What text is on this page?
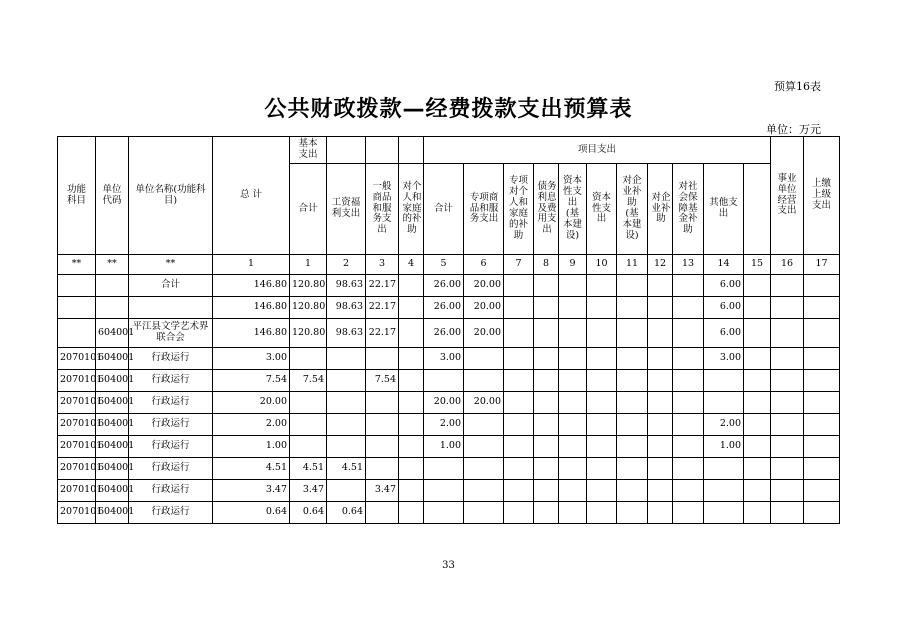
预算16表
公共财政拨款—经费拨款支出预算表
单位：万元
功能科目	单位代码	单位名称(功能科目)	总 计	基本支出				项目支出											事业单位经营支出	上缴上级支出	
				合计	工资福利支出	一般商品和服务支出	对个人和家庭的补助	合计	专项商品和服务支出	专项对个人和家庭的补助	债务利息及费用支出	资本性支出(基本建设)	资本性支出	对企业补助(基本建设)	对企业补助	对社会保障基金补助	其他支出				
**	**	**	1	1	2	3	4	5	6	7	8	9	10	11	12	13	14	15	16	17	
		合计	146.80	120.80	98.63	22.17		26.00	20.00								6.00				
			146.80	120.80	98.63	22.17		26.00	20.00								6.00				
	604001	平江县文学艺术界联合会	146.80	120.80	98.63	22.17		26.00	20.00								6.00				
2070101	604001	行政运行	3.00					3.00									3.00				
2070101	604001	行政运行	7.54	7.54		7.54															
2070101	604001	行政运行	20.00					20.00	20.00												
2070101	604001	行政运行	2.00					2.00									2.00				
2070101	604001	行政运行	1.00					1.00									1.00				
2070101	604001	行政运行	4.51	4.51	4.51																
2070101	604001	行政运行	3.47	3.47		3.47															
2070101	604001	行政运行	0.64	0.64	0.64																
33
